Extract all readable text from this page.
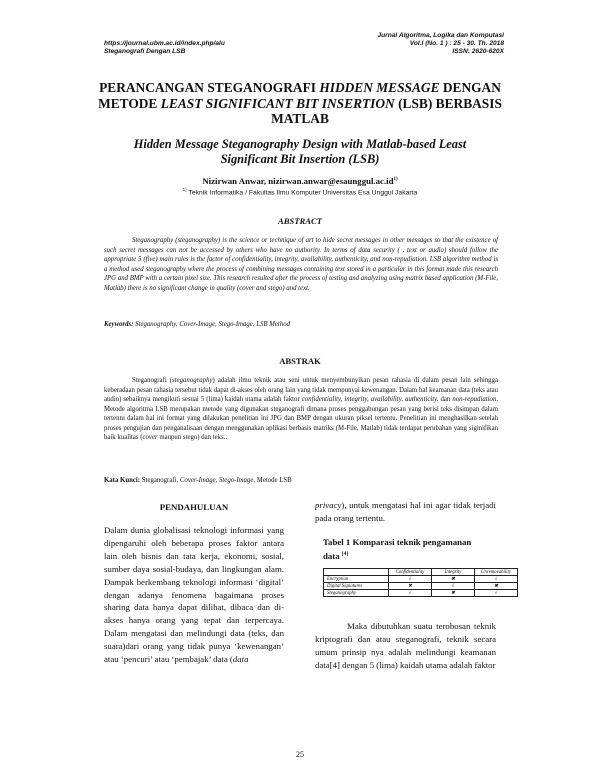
Jurnal Algoritma, Logika dan Komputasi
https://journal.ubm.ac.id/index.php/alu	Vol.I (No. 1 ) : 25 - 30. Th. 2018
Steganografi Dengan LSB	ISSN: 2620-620X
PERANCANGAN STEGANOGRAFI HIDDEN MESSAGE DENGAN METODE LEAST SIGNIFICANT BIT INSERTION (LSB) BERBASIS MATLAB
Hidden Message Steganography Design with Matlab-based Least Significant Bit Insertion (LSB)
Nizirwan Anwar, $nizirwan.anwar@esaunggul.ac.id^{1)}$
$^{1)}$ Teknik Informatika / Fakultas Ilmu Komputer Universitas Esa Unggul Jakarta
ABSTRACT
Steganography (steganography) is the science or technique of art to hide secret messages in other messages so that the existence of such secret messages can not be accessed by others who have no authority. In terms of data security ( , text or audio) should follow the appropriate 5 (five) main rules is the factor of confidentiality, integrity, availability, authenticity, and non-repudiation. LSB algorithm method is a method used steganography where the process of combining messages containing text stored in a particular in this format made this research JPG and BMP with a certain pixel size. This research resulted after the process of testing and analyzing using matrix based application (M-File, Matlab) there is no significant change in quality (cover and stego) and text.
Keywords: Steganography, Cover-Image, Stego-Image, LSB Method
ABSTRAK
Steganografi (steganography) adalah ilmu teknik atau seni untuk menyembunyikan pesan rahasia di dalam pesan lain sehingga keberadaan pesan rahasia tersebut tidak dapat di-akses oleh orang lain yang tidak mempunyai kewenangan. Dalam hal keamanan data (teks atau audio) sebaiknya mengikuti sesuai 5 (lima) kaidah utama adalah faktor confidentiality, integrity, availability, authenticity, dan non-repudiation. Metode algoritma LSB merupakan metode yang digunakan steganografi dimana proses penggabungan pesan yang berisi teks disimpan dalam tertentu dalam hal ini format yang dilakukan penelitian ini JPG dan BMP dengan ukuran piksel tertentu. Penelitian ini menghasilkan setelah proses pengujian dan penganalisaan dengan menggunakan aplikasi berbasis matriks (M-File, Matlab) tidak terdapat perubahan yang siginifikan baik kualitas (cover maupun stego) dan teks..
Kata Kunci: Steganografi, Cover-Image, Stego-Image, Metode LSB
PENDAHULUAN
Dalam dunia globalisasi teknologi informasi yang dipengaruhi oleh beberapa proses faktor antara lain oleh bisnis dan tata kerja, ekonomi, sosial, sumber daya sosial-budaya, dan lingkungan alam. Dampak berkembang teknologi informasi ‘digital’ dengan adanya fenomena bagaimana proses sharing data hanya dapat dilihat, dibaca dan di-akses hanya orang yang tepat dan terpercaya. Dalam mengatasi dan melindungi data (teks, dan suara)dari orang yang tidak punya ‘kewenangan’ atau ‘pencuri’ atau ‘pembajak’ data (data
privacy), untuk mengatasi hal ini agar tidak terjadi pada orang tertentu.
Tabel 1 Komparasi teknik pengamanan data [4]
	Confidentiality	Integrity	Unremovability
Encryption	√	✖	√
Digital Signatures	✖	√	✖
Steganography	√	✖	√
Maka dibutuhkan suatu terobosan teknik kriptografi dan atau steganografi, teknik secara umum prinsip nya adalah melindungi keamanan data[4] dengan 5 (lima) kaidah utama adalah faktor
25
